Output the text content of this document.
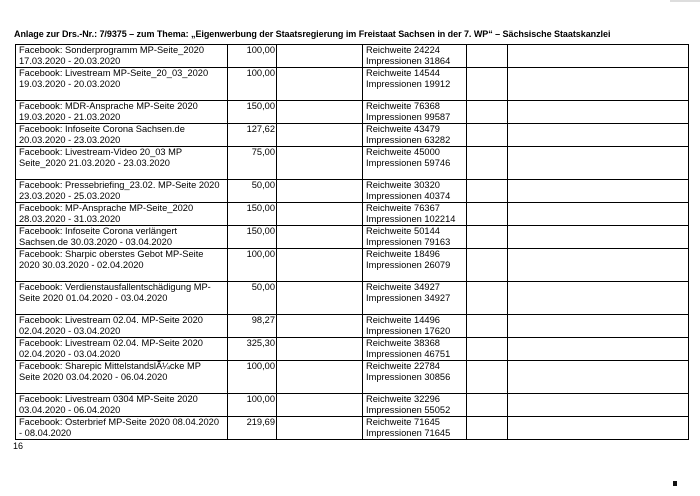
Anlage zur Drs.-Nr.: 7/9375 – zum Thema: „Eigenwerbung der Staatsregierung im Freistaat Sachsen in der 7. WP“ – Sächsische Staatskanzlei
Facebook: Sonderprogramm MP-Seite_2020 17.03.2020 - 20.03.2020	100,00		Reichweite 24224
Impressionen 31864		

Facebook: Livestream MP-Seite_20_03_2020 19.03.2020 - 20.03.2020	100,00		Reichweite 14544
Impressionen 19912		

Facebook: MDR-Ansprache MP-Seite 2020 19.03.2020 - 21.03.2020	150,00		Reichweite 76368
Impressionen 99587		

Facebook: Infoseite Corona Sachsen.de 20.03.2020 - 23.03.2020	127,62		Reichweite 43479
Impressionen 63282		

Facebook: Livestream-Video 20_03 MP Seite_2020 21.03.2020 - 23.03.2020	75,00		Reichweite 45000
Impressionen 59746		

Facebook: Pressebriefing_23.02. MP-Seite 2020 23.03.2020 - 25.03.2020	50,00		Reichweite 30320
Impressionen 40374		

Facebook: MP-Ansprache MP-Seite_2020 28.03.2020 - 31.03.2020	150,00		Reichweite 76367
Impressionen 102214		

Facebook: Infoseite Corona verlängert Sachsen.de 30.03.2020 - 03.04.2020	150,00		Reichweite 50144
Impressionen 79163		

Facebook: Sharpic oberstes Gebot MP-Seite 2020 30.03.2020 - 02.04.2020	100,00		Reichweite 18496
Impressionen 26079		

Facebook: Verdienstausfallentschädigung MP-Seite 2020 01.04.2020 - 03.04.2020	50,00		Reichweite 34927
Impressionen 34927		

Facebook: Livestream 02.04. MP-Seite 2020 02.04.2020 - 03.04.2020	98,27		Reichweite 14496
Impressionen 17620		

Facebook: Livestream 02.04. MP-Seite 2020 02.04.2020 - 03.04.2020	325,30		Reichweite 38368
Impressionen 46751		

Facebook: Sharepic MittelstandslÃ¼cke MP Seite 2020 03.04.2020 - 06.04.2020	100,00		Reichweite 22784
Impressionen 30856		

Facebook: Livestream 0304 MP-Seite 2020 03.04.2020 - 06.04.2020	100,00		Reichweite 32296
Impressionen 55052		

Facebook: Osterbrief MP-Seite 2020 08.04.2020 - 08.04.2020	219,69		Reichweite 71645
Impressionen 71645		

16
